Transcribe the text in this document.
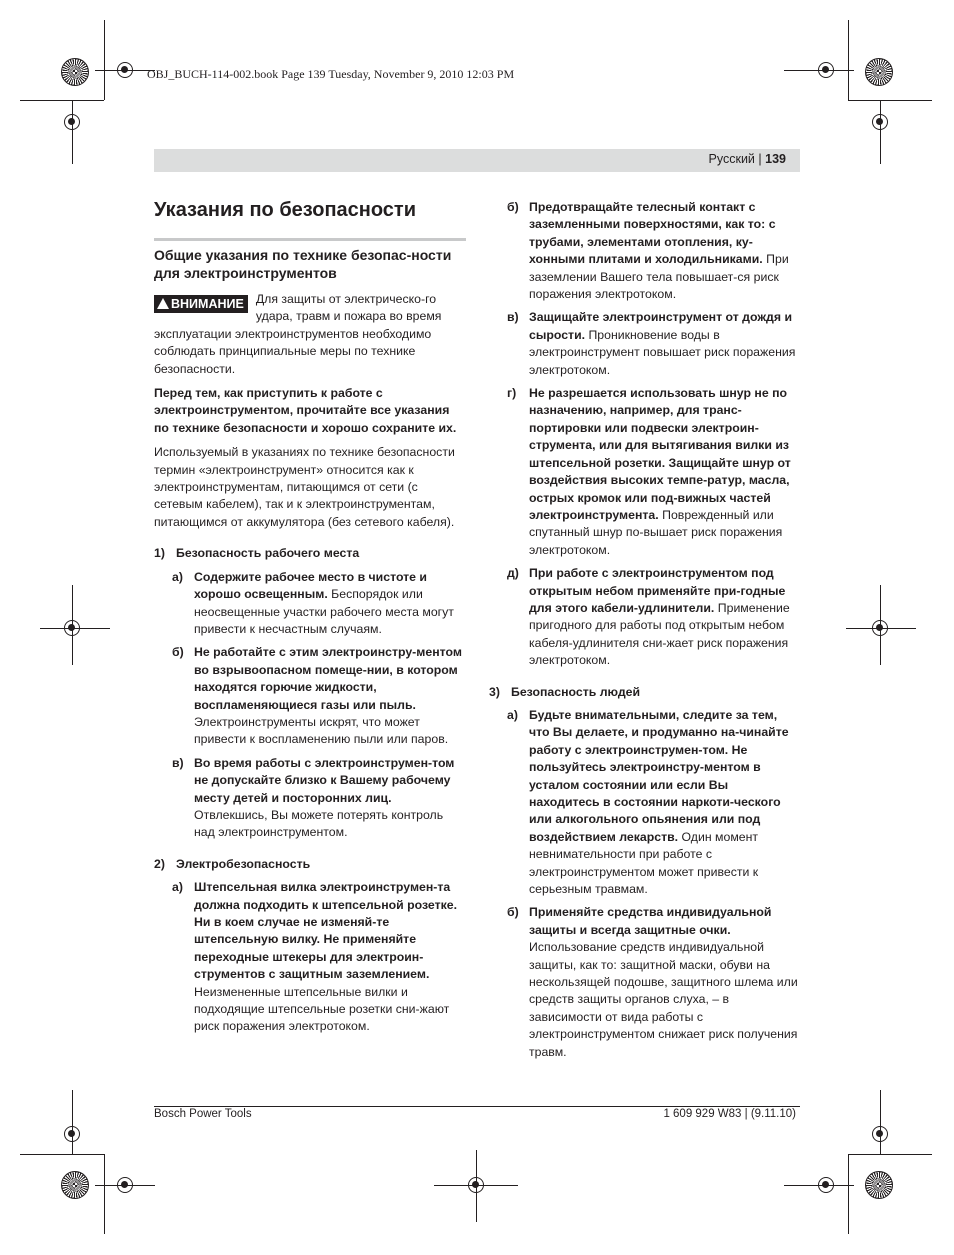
OBJ_BUCH-114-002.book Page 139 Tuesday, November 9, 2010 12:03 PM
Русский | 139
Указания по безопасности
Общие указания по технике безопас-ности для электроинструментов
ВНИМАНИЕ Для защиты от электрическо-го удара, травм и пожара во время эксплуатации электроинструментов необходимо соблюдать принципиальные меры по технике безопасности.

Перед тем, как приступить к работе с электроинструментом, прочитайте все указания по технике безопасности и хорошо сохраните их.

Используемый в указаниях по технике безопасности термин «электроинструмент» относится как к электроинструментам, питающимся от сети (с сетевым кабелем), так и к электроинструментам, питающимся от аккумулятора (без сетевого кабеля).

1) Безопасность рабочего места

а) Содержите рабочее место в чистоте и хорошо освещенным. Беспорядок или неосвещенные участки рабочего места могут привести к несчастным случаям.

б) Не работайте с этим электроинстру-ментом во взрывоопасном помеще-нии, в котором находятся горючие жидкости, воспламеняющиеся газы или пыль. Электроинструменты искрят, что может привести к воспламенению пыли или паров.

в) Во время работы с электроинструмен-том не допускайте близко к Вашему рабочему месту детей и посторонних лиц. Отвлекшись, Вы можете потерять контроль над электроинструментом.

2) Электробезопасность

а) Штепсельная вилка электроинструмен-та должна подходить к штепсельной розетке. Ни в коем случае не изменяй-те штепсельную вилку. Не применяйте переходные штекеры для электроин-струментов с защитным заземлением. Неизмененные штепсельные вилки и подходящие штепсельные розетки сни-жают риск поражения электротоком.

б) Предотвращайте телесный контакт с заземленными поверхностями, как то: с трубами, элементами отопления, ку-хонными плитами и холодильниками. При заземлении Вашего тела повышает-ся риск поражения электротоком.

в) Защищайте электроинструмент от дождя и сырости. Проникновение воды в электроинструмент повышает риск поражения электротоком.

г) Не разрешается использовать шнур не по назначению, например, для транс-портировки или подвески электроин-струмента, или для вытягивания вилки из штепсельной розетки. Защищайте шнур от воздействия высоких темпе-ратур, масла, острых кромок или под-вижных частей электроинструмента. Поврежденный или спутанный шнур по-вышает риск поражения электротоком.

д) При работе с электроинструментом под открытым небом применяйте при-годные для этого кабели-удлинители. Применение пригодного для работы под открытым небом кабеля-удлинителя сни-жает риск поражения электротоком.

3) Безопасность людей

а) Будьте внимательными, следите за тем, что Вы делаете, и продуманно на-чинайте работу с электроинструмен-том. Не пользуйтесь электроинстру-ментом в усталом состоянии или если Вы находитесь в состоянии наркоти-ческого или алкогольного опьянения или под воздействием лекарств. Один момент невнимательности при работе с электроинструментом может привести к серьезным травмам.

б) Применяйте средства индивидуальной защиты и всегда защитные очки. Использование средств индивидуальной защиты, как то: защитной маски, обуви на нескользящей подошве, защитного шлема или средств защиты органов слуха, – в зависимости от вида работы с электроинструментом снижает риск получения травм.

Bosch Power Tools	1 609 929 W83 | (9.11.10)
